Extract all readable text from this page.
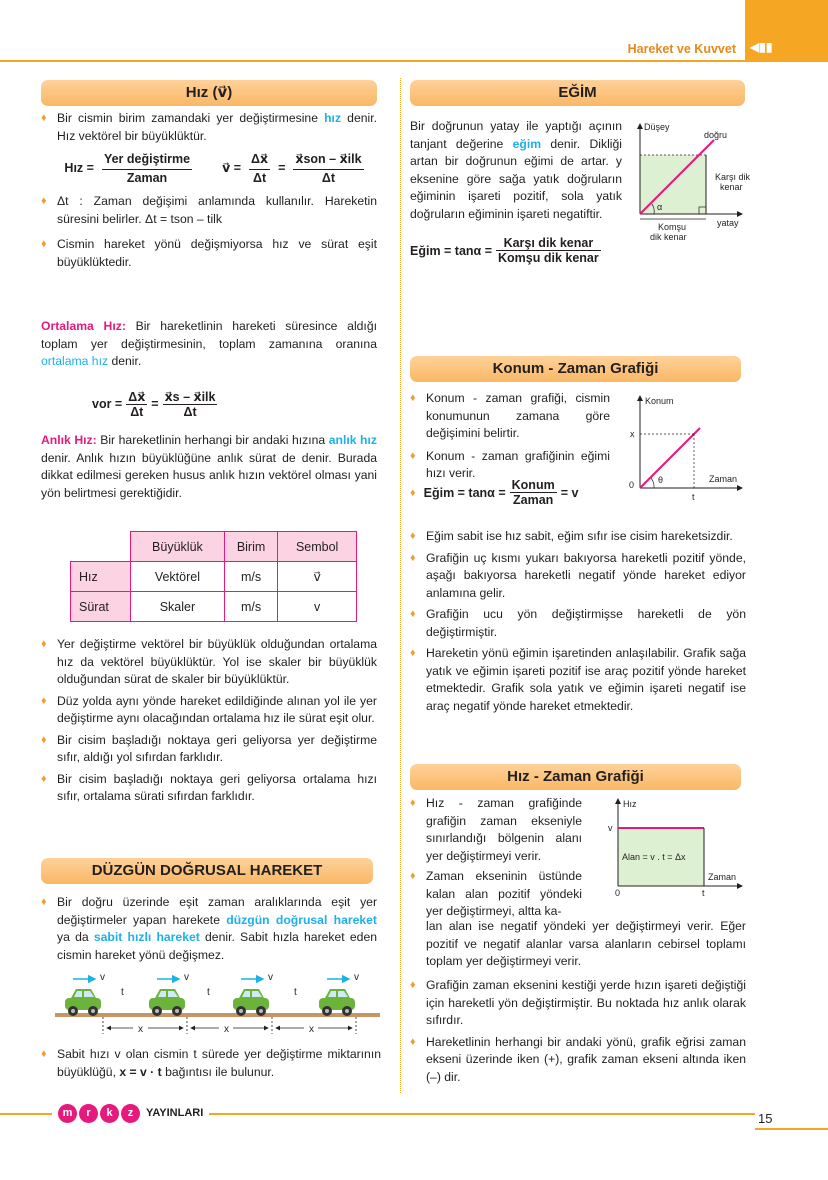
Hareket ve Kuvvet ◀▮▮
Hız (v⃗)
♦ Bir cismin birim zamandaki yer değiştirmesine hız denir. Hız vektörel bir büyüklüktür.
Hız = $\frac{\text{Yer değiştirme}}{\text{Zaman}}$ v⃗ = $\frac{\Delta x⃗}{\Delta t} = \frac{\text{x⃗son – x⃗ilk}}{\Delta t}$
♦ Δt : Zaman değişimi anlamında kullanılır. Hareketin süresini belirler. Δt = tson – tilk
♦ Cismin hareket yönü değişmiyorsa hız ve sürat eşit büyüklüktedir.
Ortalama Hız: Bir hareketlinin hareketi süresince aldığı toplam yer değiştirmesinin, toplam zamanına oranına ortalama hız denir.
vor = $\frac{\Delta x⃗}{\Delta t} = \frac{\text{x⃗s – x⃗ilk}}{\Delta t}$
Anlık Hız: Bir hareketlinin herhangi bir andaki hızına anlık hız denir. Anlık hızın büyüklüğüne anlık sürat de denir. Burada dikkat edilmesi gereken husus anlık hızın vektörel olması yani yön belirtmesi gerektiğidir.
	Büyüklük	Birim	Sembol
Hız	Vektörel	m/s	v⃗
Sürat	Skaler	m/s	v
♦ Yer değiştirme vektörel bir büyüklük olduğundan ortalama hız da vektörel büyüklüktür. Yol ise skaler bir büyüklük olduğundan sürat de skaler bir büyüklüktür.
♦ Düz yolda aynı yönde hareket edildiğinde alınan yol ile yer değiştirme aynı olacağından ortalama hız ile sürat eşit olur.
♦ Bir cisim başladığı noktaya geri geliyorsa yer değiştirme sıfır, aldığı yol sıfırdan farklıdır.
♦ Bir cisim başladığı noktaya geri geliyorsa ortalama hızı sıfır, ortalama sürati sıfırdan farklıdır.
DÜZGÜN DOĞRUSAL HAREKET
♦ Bir doğru üzerinde eşit zaman aralıklarında eşit yer değiştirmeler yapan harekete düzgün doğrusal hareket ya da sabit hızlı hareket denir. Sabit hızla hareket eden cismin hareket yönü değişmez.
v	v	v	v
t	t	t
x	x	x
♦ Sabit hızı v olan cismin t sürede yer değiştirme miktarının büyüklüğü, x = v · t bağıntısı ile bulunur.
EĞİM
Bir doğrunun yatay ile yaptığı açının tanjant değerine eğim denir. Dikliği artan bir doğrunun eğimi de artar. y eksenine göre sağa yatık doğruların eğiminin işareti pozitif, sola yatık doğruların eğiminin işareti negatiftir.
Eğim = $\tan\alpha = \frac{\text{Karşı dik kenar}}{\text{Komşu dik kenar}}$
Düşey
doğru
Karşı dik
kenar
yatay
Komşu
dik kenar
α
Konum - Zaman Grafiği
♦ Konum - zaman grafiği, cismin konumunun zamana göre değişimini belirtir.
♦ Konum - zaman grafiğinin eğimi hızı verir.
♦ Eğim = $\tan\alpha = \frac{\text{Konum}}{\text{Zaman}} = v$
Konum
Zaman
x
0
t
θ
♦ Eğim sabit ise hız sabit, eğim sıfır ise cisim hareketsizdir.
♦ Grafiğin uç kısmı yukarı bakıyorsa hareketli pozitif yönde, aşağı bakıyorsa hareketli negatif yönde hareket ediyor anlamına gelir.
♦ Grafiğin ucu yön değiştirmişse hareketli de yön değiştirmiştir.
♦ Hareketin yönü eğimin işaretinden anlaşılabilir. Grafik sağa yatık ve eğimin işareti pozitif ise araç pozitif yönde hareket etmektedir. Grafik sola yatık ve eğimin işareti negatif ise araç negatif yönde hareket etmektedir.
Hız - Zaman Grafiği
♦ Hız - zaman grafiğinde grafiğin zaman ekseniyle sınırlandığı bölgenin alanı yer değiştirmeyi verir.
♦ Zaman ekseninin üstünde kalan alan pozitif yöndeki yer değiştirmeyi, altta ka-
Hız
Zaman
v
0	t
Alan = v . t = Δx
lan alan ise negatif yöndeki yer değiştirmeyi verir. Eğer pozitif ve negatif alanlar varsa alanların cebirsel toplamı toplam yer değiştirmeyi verir.
♦ Grafiğin zaman eksenini kestiği yerde hızın işareti değiştiği için hareketli yön değiştirmiştir. Bu noktada hız anlık olarak sıfırdır.
♦ Hareketlinin herhangi bir andaki yönü, grafik eğrisi zaman ekseni üzerinde iken (+), grafik zaman ekseni altında iken (–) dir.
m	r	k	z	YAYINLARI	15
